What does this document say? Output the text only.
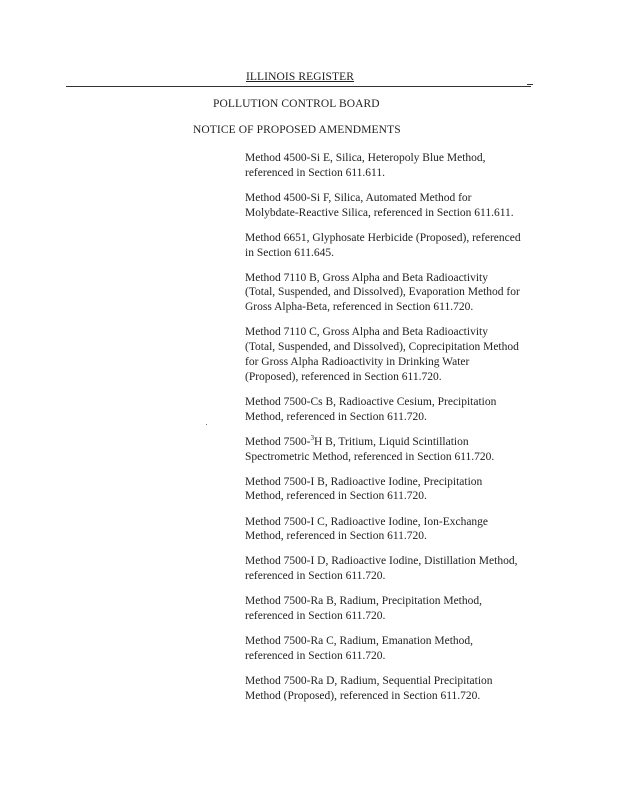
ILLINOIS REGISTER
POLLUTION CONTROL BOARD
NOTICE OF PROPOSED AMENDMENTS
Method 4500-Si E, Silica, Heteropoly Blue Method,
referenced in Section 611.611.
Method 4500-Si F, Silica, Automated Method for
Molybdate-Reactive Silica, referenced in Section 611.611.
Method 6651, Glyphosate Herbicide (Proposed), referenced
in Section 611.645.
Method 7110 B, Gross Alpha and Beta Radioactivity
(Total, Suspended, and Dissolved), Evaporation Method for
Gross Alpha-Beta, referenced in Section 611.720.
Method 7110 C, Gross Alpha and Beta Radioactivity
(Total, Suspended, and Dissolved), Coprecipitation Method
for Gross Alpha Radioactivity in Drinking Water
(Proposed), referenced in Section 611.720.
Method 7500-Cs B, Radioactive Cesium, Precipitation
Method, referenced in Section 611.720.
Method 7500-$^3$H B, Tritium, Liquid Scintillation
Spectrometric Method, referenced in Section 611.720.
Method 7500-I B, Radioactive Iodine, Precipitation
Method, referenced in Section 611.720.
Method 7500-I C, Radioactive Iodine, Ion-Exchange
Method, referenced in Section 611.720.
Method 7500-I D, Radioactive Iodine, Distillation Method,
referenced in Section 611.720.
Method 7500-Ra B, Radium, Precipitation Method,
referenced in Section 611.720.
Method 7500-Ra C, Radium, Emanation Method,
referenced in Section 611.720.
Method 7500-Ra D, Radium, Sequential Precipitation
Method (Proposed), referenced in Section 611.720.
